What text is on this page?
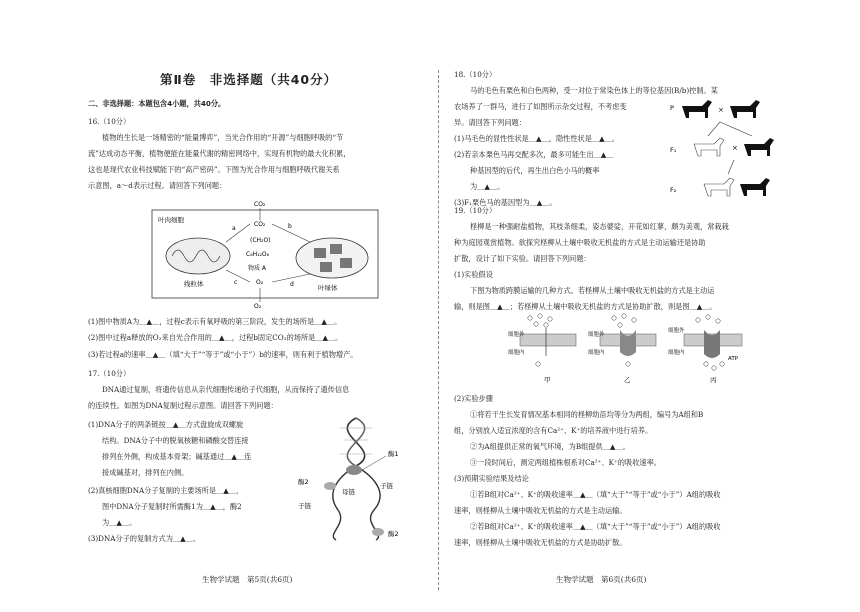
第Ⅱ卷　非选择题（共40分）
二、非选择题：本题包含4小题，共40分。
16.（10分）
植物的生长是一场精密的“能量博弈”，当光合作用的“开源”与细胞呼吸的“节
流”达成动态平衡，植物便能在能量代谢的精密网络中，实现有机物的最大化积累，
这也是现代农业科技赋能下的“高产密码”。下图为光合作用与细胞呼吸代谢关系
示意图，a～d表示过程。请回答下列问题：
叶肉细胞
线粒体	叶绿体
CO₂
CO₂
(CH₂O)
C₆H₁₂O₆
物质 A
O₂
O₂
a	b
c	d
(1)图中物质A为＿▲＿，过程c表示有氧呼吸的第三阶段，发生的场所是＿▲＿。
(2)图中过程a释放的O₂来自光合作用的＿▲＿，过程b固定CO₂的场所是＿▲＿。
(3)若过程a的速率＿▲＿（填“大于”“等于”或“小于”）b的速率，则有利于植物增产。
17.（10分）
DNA通过复制，将遗传信息从亲代细胞传递给子代细胞，从而保持了遗传信息
的连续性。如图为DNA复制过程示意图。请回答下列问题：
(1)DNA分子的两条链按＿▲＿方式盘旋成双螺旋
结构。DNA分子中的脱氧核糖和磷酸交替连接
排列在外侧，构成基本骨架；碱基通过＿▲＿连
接成碱基对，排列在内侧。
(2)真核细胞DNA分子复制的主要场所是＿▲＿，
图中DNA分子复制时所需酶1为＿▲＿，酶2
为＿▲＿。
(3)DNA分子的复制方式为＿▲＿。
酶1
酶2
母链
子链
子链
酶2
生物学试题　第5页(共6页)
18.（10分）
马的毛色有栗色和白色两种，受一对位于常染色体上的等位基因(B/b)控制。某
农场养了一群马，进行了如图所示杂交过程，不考虑变
异。请回答下列问题：
(1)马毛色的显性性状是＿▲＿，隐性性状是＿▲＿。
(2)若亲本栗色马再交配多次，最多可能生出＿▲＿
种基因型的后代，再生出白色小马的概率
为＿▲＿。
(3)F₁栗色马的基因型为＿▲＿。
P
F₁
F₂
×
×
19.（10分）
柽柳是一种强耐盐植物，其枝条细柔，姿态婆娑，开花如红蓼，颇为美观，常栽栽
种为庭园观赏植物。欲探究柽柳从土壤中吸收无机盐的方式是主动运输还是协助
扩散，设计了如下实验。请回答下列问题：
(1)实验假设
下图为物质跨膜运输的几种方式。若柽柳从土壤中吸收无机盐的方式是主动运
输，则是图＿▲＿；若柽柳从土壤中吸收无机盐的方式是协助扩散，则是图＿▲＿。
细胞外
细胞内
甲
细胞外
细胞内
乙
细胞外
细胞内
ATP
丙
(2)实验步骤
①将若干生长发育情况基本相同的柽柳幼苗均等分为两组，编号为A组和B
组，分别放入适宜浓度的含有Ca²⁺、K⁺的培养液中进行培养。
②为A组提供正常的氧气环境，为B组提供＿▲＿。
③一段时间后，测定两组植株根系对Ca²⁺、K⁺的吸收速率。
(3)预期实验结果及结论
①若B组对Ca²⁺、K⁺的吸收速率＿▲＿（填“大于”“等于”或“小于”）A组的吸收
速率，则柽柳从土壤中吸收无机盐的方式是主动运输。
②若B组对Ca²⁺、K⁺的吸收速率＿▲＿（填“大于”“等于”或“小于”）A组的吸收
速率，则柽柳从土壤中吸收无机盐的方式是协助扩散。
生物学试题　第6页(共6页)
